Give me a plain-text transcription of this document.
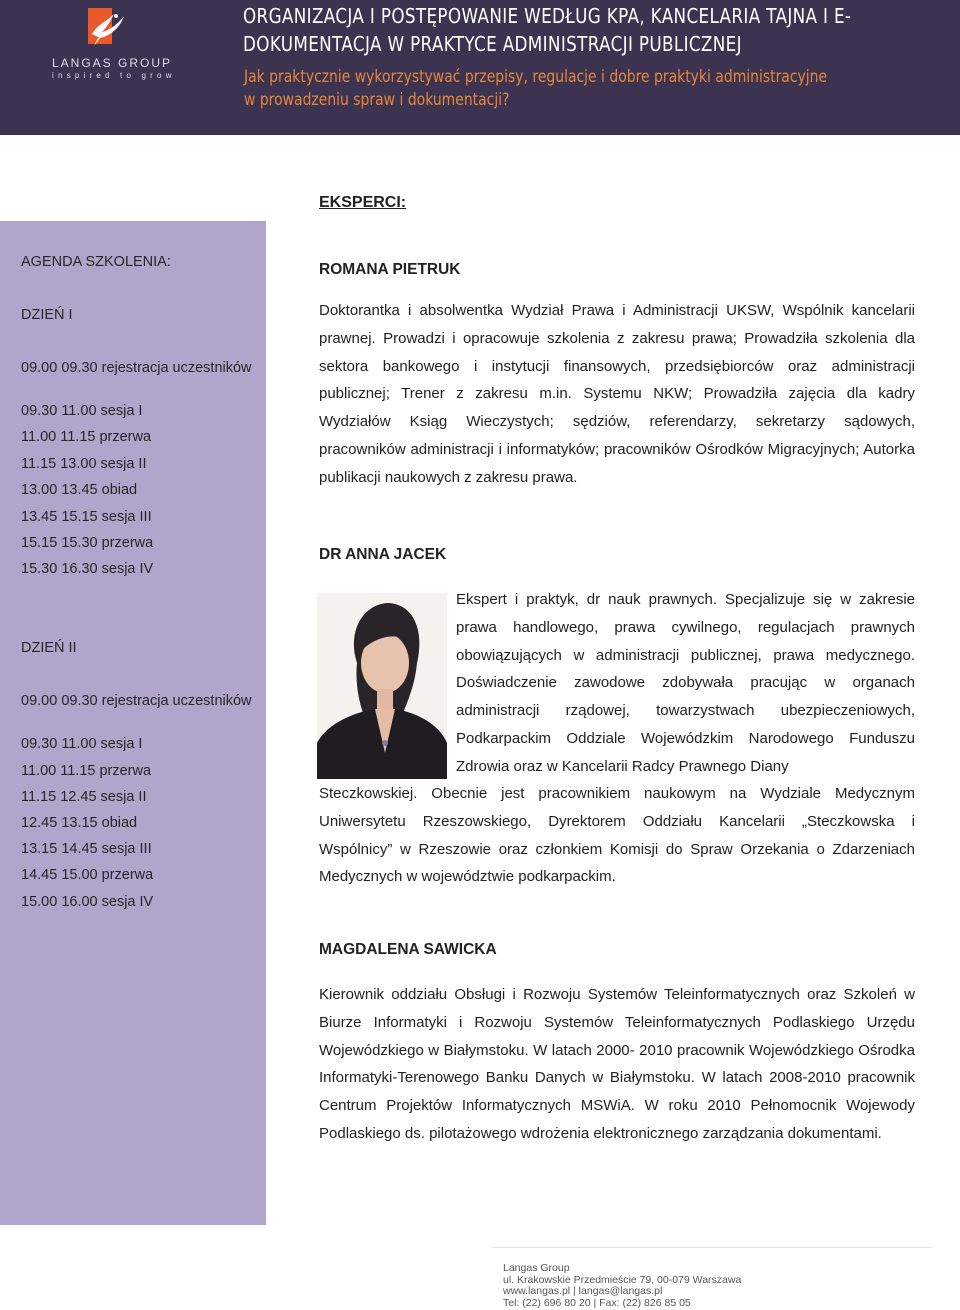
LANGAS GROUP
inspired to grow
ORGANIZACJA I POSTĘPOWANIE WEDŁUG KPA, KANCELARIA TAJNA I E-
DOKUMENTACJA W PRAKTYCE ADMINISTRACJI PUBLICZNEJ
Jak praktycznie wykorzystywać przepisy, regulacje i dobre praktyki administracyjne
w prowadzeniu spraw i dokumentacji?
EKSPERCI:
AGENDA SZKOLENIA:
DZIEŃ I
09.00 09.30 rejestracja uczestników
09.30 11.00 sesja I
11.00 11.15 przerwa
11.15 13.00 sesja II
13.00 13.45 obiad
13.45 15.15 sesja III
15.15 15.30 przerwa
15.30 16.30 sesja IV
DZIEŃ II
09.00 09.30 rejestracja uczestników
09.30 11.00 sesja I
11.00 11.15 przerwa
11.15 12.45 sesja II
12.45 13.15 obiad
13.15 14.45 sesja III
14.45 15.00 przerwa
15.00 16.00 sesja IV
ROMANA PIETRUK

Doktorantka i absolwentka Wydział Prawa i Administracji UKSW, Wspólnik kancelarii prawnej. Prowadzi i opracowuje szkolenia z zakresu prawa; Prowadziła szkolenia dla sektora bankowego i instytucji finansowych, przedsiębiorców oraz administracji publicznej; Trener z zakresu m.in. Systemu NKW; Prowadziła zajęcia dla kadry Wydziałów Ksiąg Wieczystych; sędziów, referendarzy, sekretarzy sądowych, pracowników administracji i informatyków; pracowników Ośrodków Migracyjnych; Autorka publikacji naukowych z zakresu prawa.

DR ANNA JACEK

Ekspert i praktyk, dr nauk prawnych. Specjalizuje się w zakresie prawa handlowego, prawa cywilnego, regulacjach prawnych obowiązujących w administracji publicznej, prawa medycznego. Doświadczenie zawodowe zdobywała pracując w organach administracji rządowej, towarzystwach ubezpieczeniowych, Podkarpackim Oddziale Wojewódzkim Narodowego Funduszu Zdrowia oraz w Kancelarii Radcy Prawnego Diany

Steczkowskiej. Obecnie jest pracownikiem naukowym na Wydziale Medycznym Uniwersytetu Rzeszowskiego, Dyrektorem Oddziału Kancelarii „Steczkowska i Wspólnicy” w Rzeszowie oraz członkiem Komisji do Spraw Orzekania o Zdarzeniach Medycznych w województwie podkarpackim.

MAGDALENA SAWICKA

Kierownik oddziału Obsługi i Rozwoju Systemów Teleinformatycznych oraz Szkoleń w Biurze Informatyki i Rozwoju Systemów Teleinformatycznych Podlaskiego Urzędu Wojewódzkiego w Białymstoku. W latach 2000- 2010 pracownik Wojewódzkiego Ośrodka Informatyki-Terenowego Banku Danych w Białymstoku. W latach 2008-2010 pracownik Centrum Projektów Informatycznych MSWiA. W roku 2010 Pełnomocnik Wojewody Podlaskiego ds. pilotażowego wdrożenia elektronicznego zarządzania dokumentami.

Langas Group
ul. Krakowskie Przedmieście 79, 00-079 Warszawa
www.langas.pl | langas@langas.pl
Tel: (22) 696 80 20 | Fax: (22) 826 85 05
